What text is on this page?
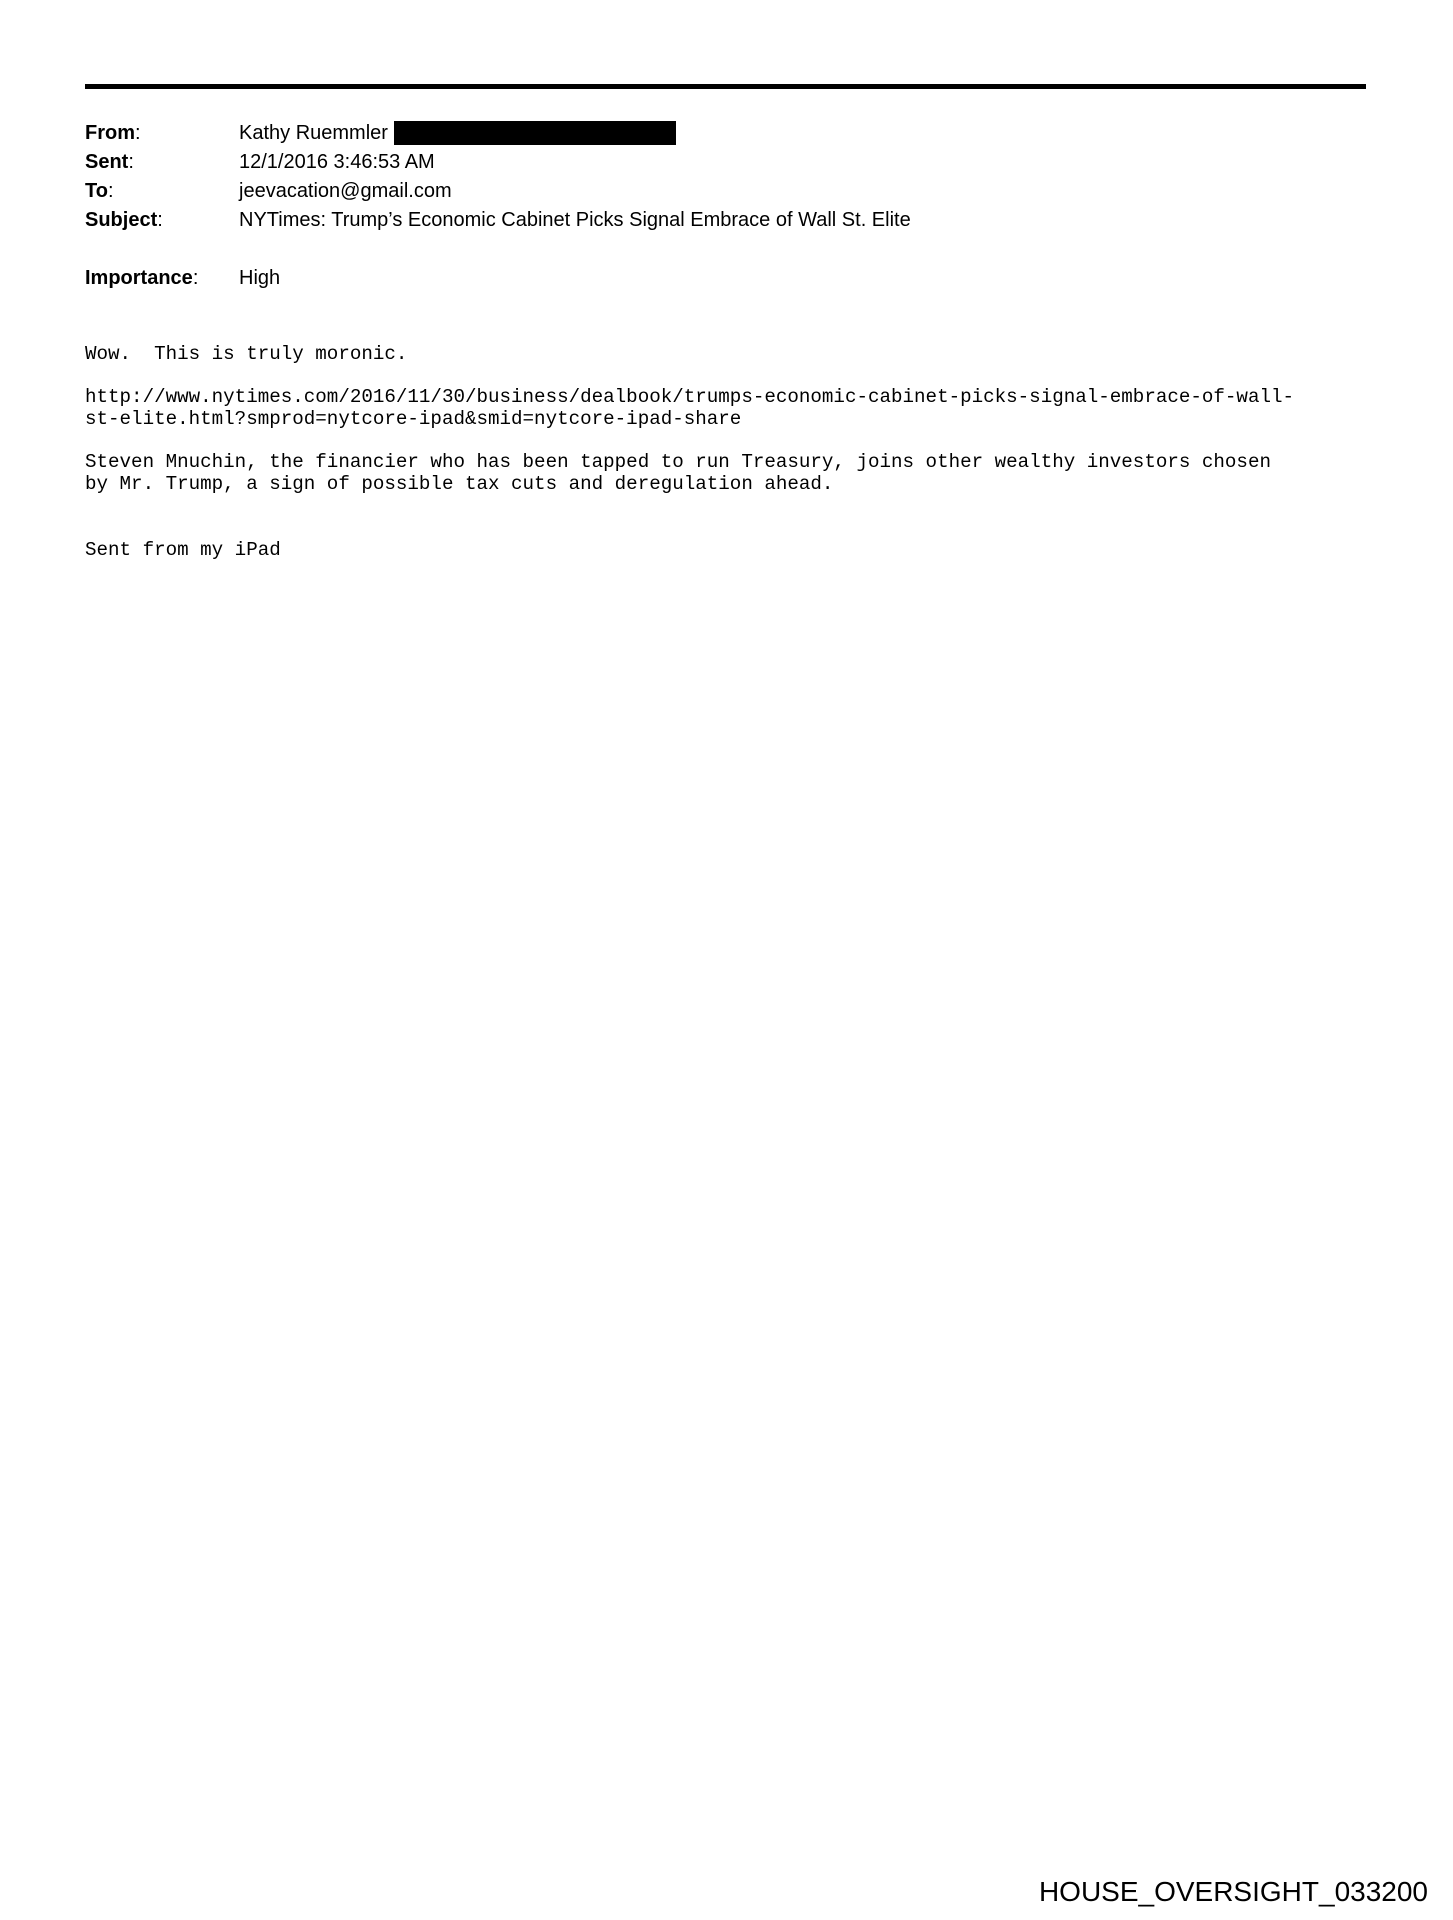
From:	Kathy Ruemmler
Sent:	12/1/2016 3:46:53 AM
To:	jeevacation@gmail.com
Subject:	NYTimes: Trump’s Economic Cabinet Picks Signal Embrace of Wall St. Elite
Importance:	High

Wow.  This is truly moronic.

http://www.nytimes.com/2016/11/30/business/dealbook/trumps-economic-cabinet-picks-signal-embrace-of-wall-
st-elite.html?smprod=nytcore-ipad&smid=nytcore-ipad-share

Steven Mnuchin, the financier who has been tapped to run Treasury, joins other wealthy investors chosen
by Mr. Trump, a sign of possible tax cuts and deregulation ahead.

Sent from my iPad

HOUSE_OVERSIGHT_033200
